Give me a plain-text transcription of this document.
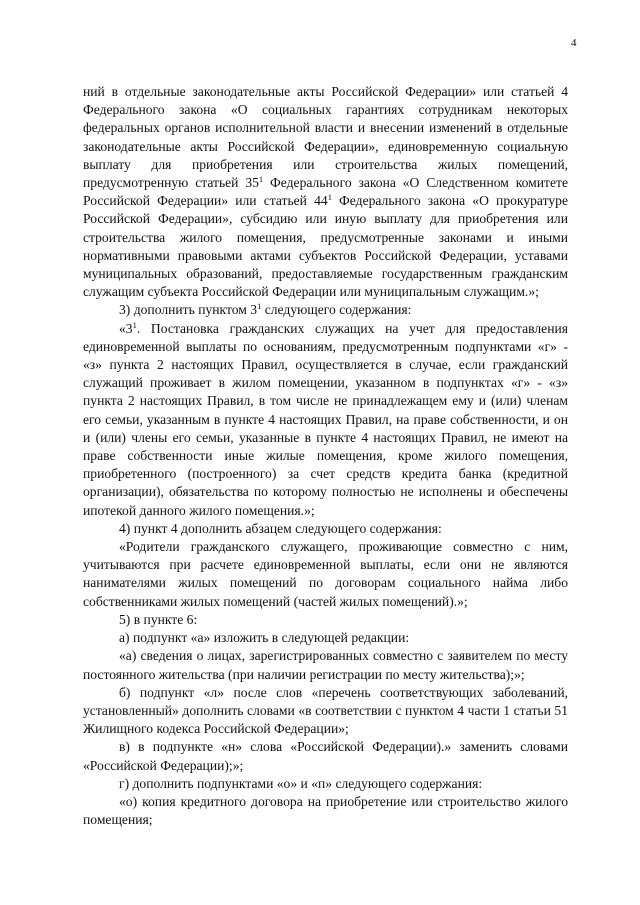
4

ний в отдельные законодательные акты Российской Федерации» или статьей 4 Федерального закона «О социальных гарантиях сотрудникам некоторых федеральных органов исполнительной власти и внесении изменений в отдельные законодательные акты Российской Федерации», единовременную социальную выплату для приобретения или строительства жилых помещений, предусмотренную статьей $35^1$ Федерального закона «О Следственном комитете Российской Федерации» или статьей $44^1$ Федерального закона «О прокуратуре Российской Федерации», субсидию или иную выплату для приобретения или строительства жилого помещения, предусмотренные законами и иными нормативными правовыми актами субъектов Российской Федерации, уставами муниципальных образований, предоставляемые государственным гражданским служащим субъекта Российской Федерации или муниципальным служащим.»;

3) дополнить пунктом $3^1$ следующего содержания:

«$3^1$. Постановка гражданских служащих на учет для предоставления единовременной выплаты по основаниям, предусмотренным подпунктами «г» - «з» пункта 2 настоящих Правил, осуществляется в случае, если гражданский служащий проживает в жилом помещении, указанном в подпунктах «г» - «з» пункта 2 настоящих Правил, в том числе не принадлежащем ему и (или) членам его семьи, указанным в пункте 4 настоящих Правил, на праве собственности, и он и (или) члены его семьи, указанные в пункте 4 настоящих Правил, не имеют на праве собственности иные жилые помещения, кроме жилого помещения, приобретенного (построенного) за счет средств кредита банка (кредитной организации), обязательства по которому полностью не исполнены и обеспечены ипотекой данного жилого помещения.»;

4) пункт 4 дополнить абзацем следующего содержания:

«Родители гражданского служащего, проживающие совместно с ним, учитываются при расчете единовременной выплаты, если они не являются нанимателями жилых помещений по договорам социального найма либо собственниками жилых помещений (частей жилых помещений).»;

5) в пункте 6:

а) подпункт «а» изложить в следующей редакции:

«а) сведения о лицах, зарегистрированных совместно с заявителем по месту постоянного жительства (при наличии регистрации по месту жительства);»;

б) подпункт «л» после слов «перечень соответствующих заболеваний, установленный» дополнить словами «в соответствии с пунктом 4 части 1 статьи 51 Жилищного кодекса Российской Федерации»;

в) в подпункте «н» слова «Российской Федерации).» заменить словами «Российской Федерации);»;

г) дополнить подпунктами «о» и «п» следующего содержания:

«о) копия кредитного договора на приобретение или строительство жилого помещения;
